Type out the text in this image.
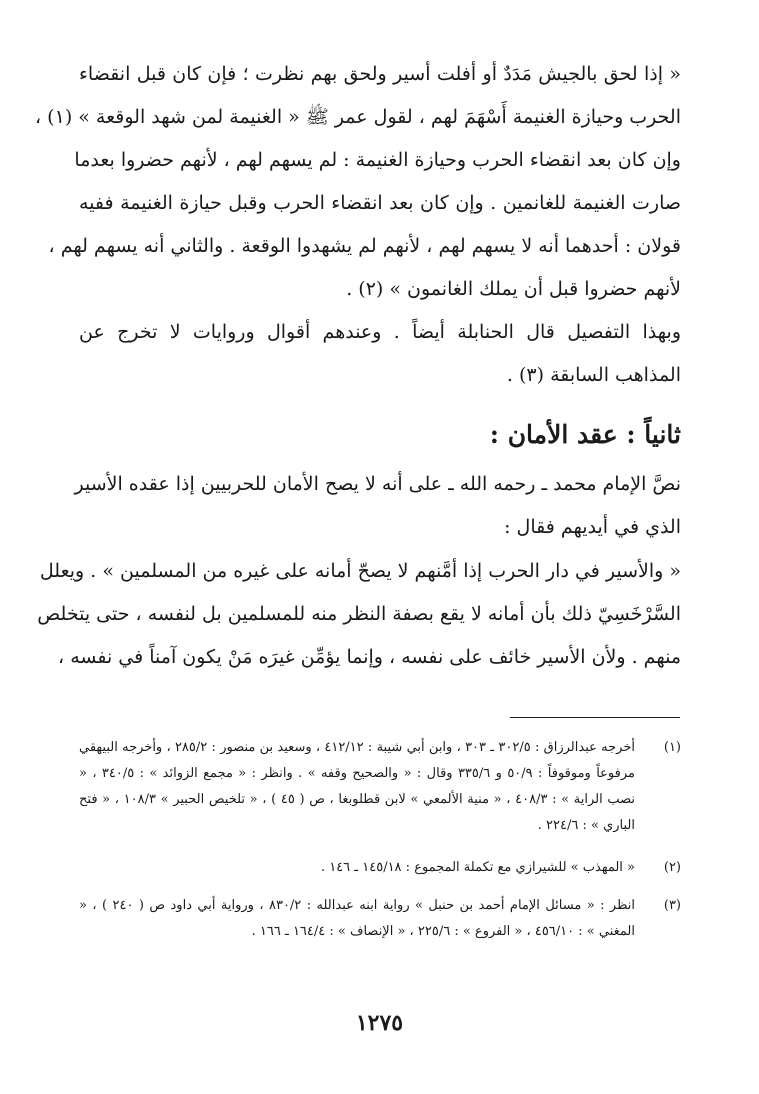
« إذا لحق بالجيش مَدَدٌ أو أفلت أسير ولحق بهم نظرت ؛ فإن كان قبل انقضاء
الحرب وحيازة الغنيمة أَسْهَمَ لهم ، لقول عمر ﷺ « الغنيمة لمن شهد الوقعة » (١) ،
وإن كان بعد انقضاء الحرب وحيازة الغنيمة : لم يسهم لهم ، لأنهم حضروا بعدما
صارت الغنيمة للغانمين . وإن كان بعد انقضاء الحرب وقبل حيازة الغنيمة ففيه
قولان : أحدهما أنه لا يسهم لهم ، لأنهم لم يشهدوا الوقعة . والثاني أنه يسهم لهم ،
لأنهم حضروا قبل أن يملك الغانمون » (٢) .
وبهذا التفصيل قال الحنابلة أيضاً . وعندهم أقوال وروايات لا تخرج عن
المذاهب السابقة (٣) .
ثانياً : عقد الأمان :
نصَّ الإمام محمد ـ رحمه الله ـ على أنه لا يصح الأمان للحربيين إذا عقده الأسير
الذي في أيديهم فقال :
« والأسير في دار الحرب إذا أمَّنهم لا يصحّ أمانه على غيره من المسلمين » . ويعلل
السَّرْخَسِيّ ذلك بأن أمانه لا يقع بصفة النظر منه للمسلمين بل لنفسه ، حتى يتخلص
منهم . ولأن الأسير خائف على نفسه ، وإنما يؤمِّن غيرَه مَنْ يكون آمناً في نفسه ،
(١)
أخرجه عبدالرزاق : ٣٠٢/٥ ـ ٣٠٣ ، وابن أبي شيبة : ٤١٢/١٢ ، وسعيد بن منصور : ٢٨٥/٢ ، وأخرجه البيهقي مرفوعاً وموقوفاً : ٥٠/٩ و ٣٣٥/٦ وقال : « والصحيح وقفه » . وانظر : « مجمع الزوائد » : ٣٤٠/٥ ، « نصب الراية » : ٤٠٨/٣ ، « منية الألمعي » لابن قطلوبغا ، ص ( ٤٥ ) ، « تلخيص الحبير » ١٠٨/٣ ، « فتح الباري » : ٢٢٤/٦ .
(٢)
« المهذب » للشيرازي مع تكملة المجموع : ١٤٥/١٨ ـ ١٤٦ .
(٣)
انظر : « مسائل الإمام أحمد بن حنبل » رواية ابنه عبدالله : ٨٣٠/٢ ، ورواية أبي داود ص ( ٢٤٠ ) ، « المغني » : ٤٥٦/١٠ ، « الفروع » : ٢٢٥/٦ ، « الإنصاف » : ١٦٤/٤ ـ ١٦٦ .
١٢٧٥
